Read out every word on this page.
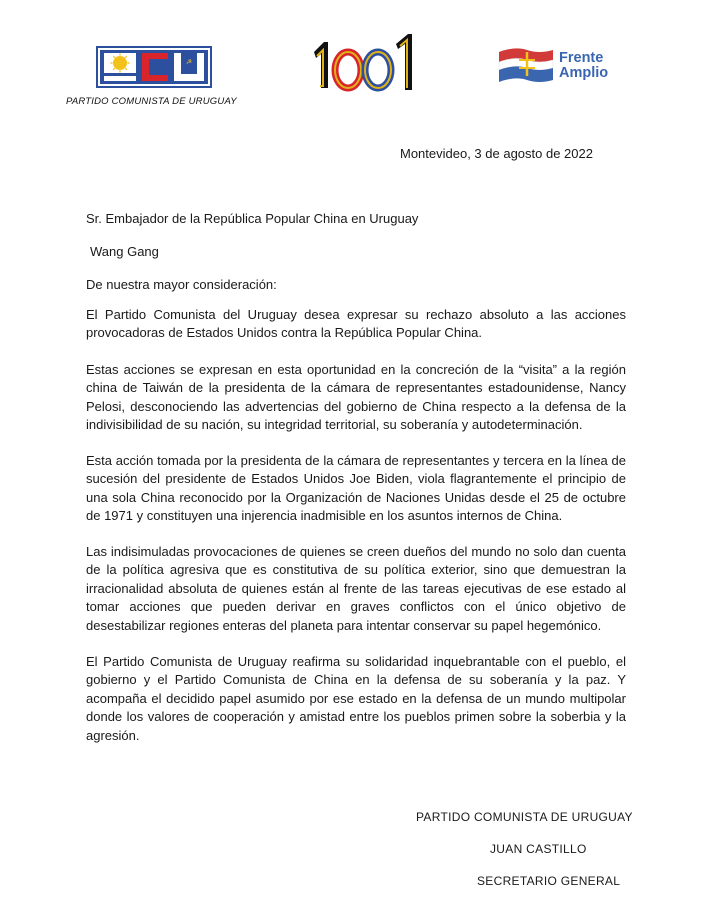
☭
PARTIDO COMUNISTA DE URUGUAY
Frente
Amplio
Montevideo, 3 de agosto de 2022
Sr. Embajador de la República Popular China en Uruguay
Wang Gang
De nuestra mayor consideración:
El Partido Comunista del Uruguay desea expresar su rechazo absoluto a las acciones provocadoras de Estados Unidos contra la República Popular China.
Estas acciones se expresan en esta oportunidad en la concreción de la “visita” a la región china de Taiwán de la presidenta de la cámara de representantes estadounidense, Nancy Pelosi, desconociendo las advertencias del gobierno de China respecto a la defensa de la indivisibilidad de su nación, su integridad territorial, su soberanía y autodeterminación.
Esta acción tomada por la presidenta de la cámara de representantes y tercera en la línea de sucesión del presidente de Estados Unidos Joe Biden, viola flagrantemente el principio de una sola China reconocido por la Organización de Naciones Unidas desde el 25 de octubre de 1971 y constituyen una injerencia inadmisible en los asuntos internos de China.
Las indisimuladas provocaciones de quienes se creen dueños del mundo no solo dan cuenta de la política agresiva que es constitutiva de su política exterior, sino que demuestran la irracionalidad absoluta de quienes están al frente de las tareas ejecutivas de ese estado al tomar acciones que pueden derivar en graves conflictos con el único objetivo de desestabilizar regiones enteras del planeta para intentar conservar su papel hegemónico.
El Partido Comunista de Uruguay reafirma su solidaridad inquebrantable con el pueblo, el gobierno y el Partido Comunista de China en la defensa de su soberanía y la paz. Y acompaña el decidido papel asumido por ese estado en la defensa de un mundo multipolar donde los valores de cooperación y amistad entre los pueblos primen sobre la soberbia y la agresión.
PARTIDO COMUNISTA DE URUGUAY
JUAN CASTILLO
SECRETARIO GENERAL
